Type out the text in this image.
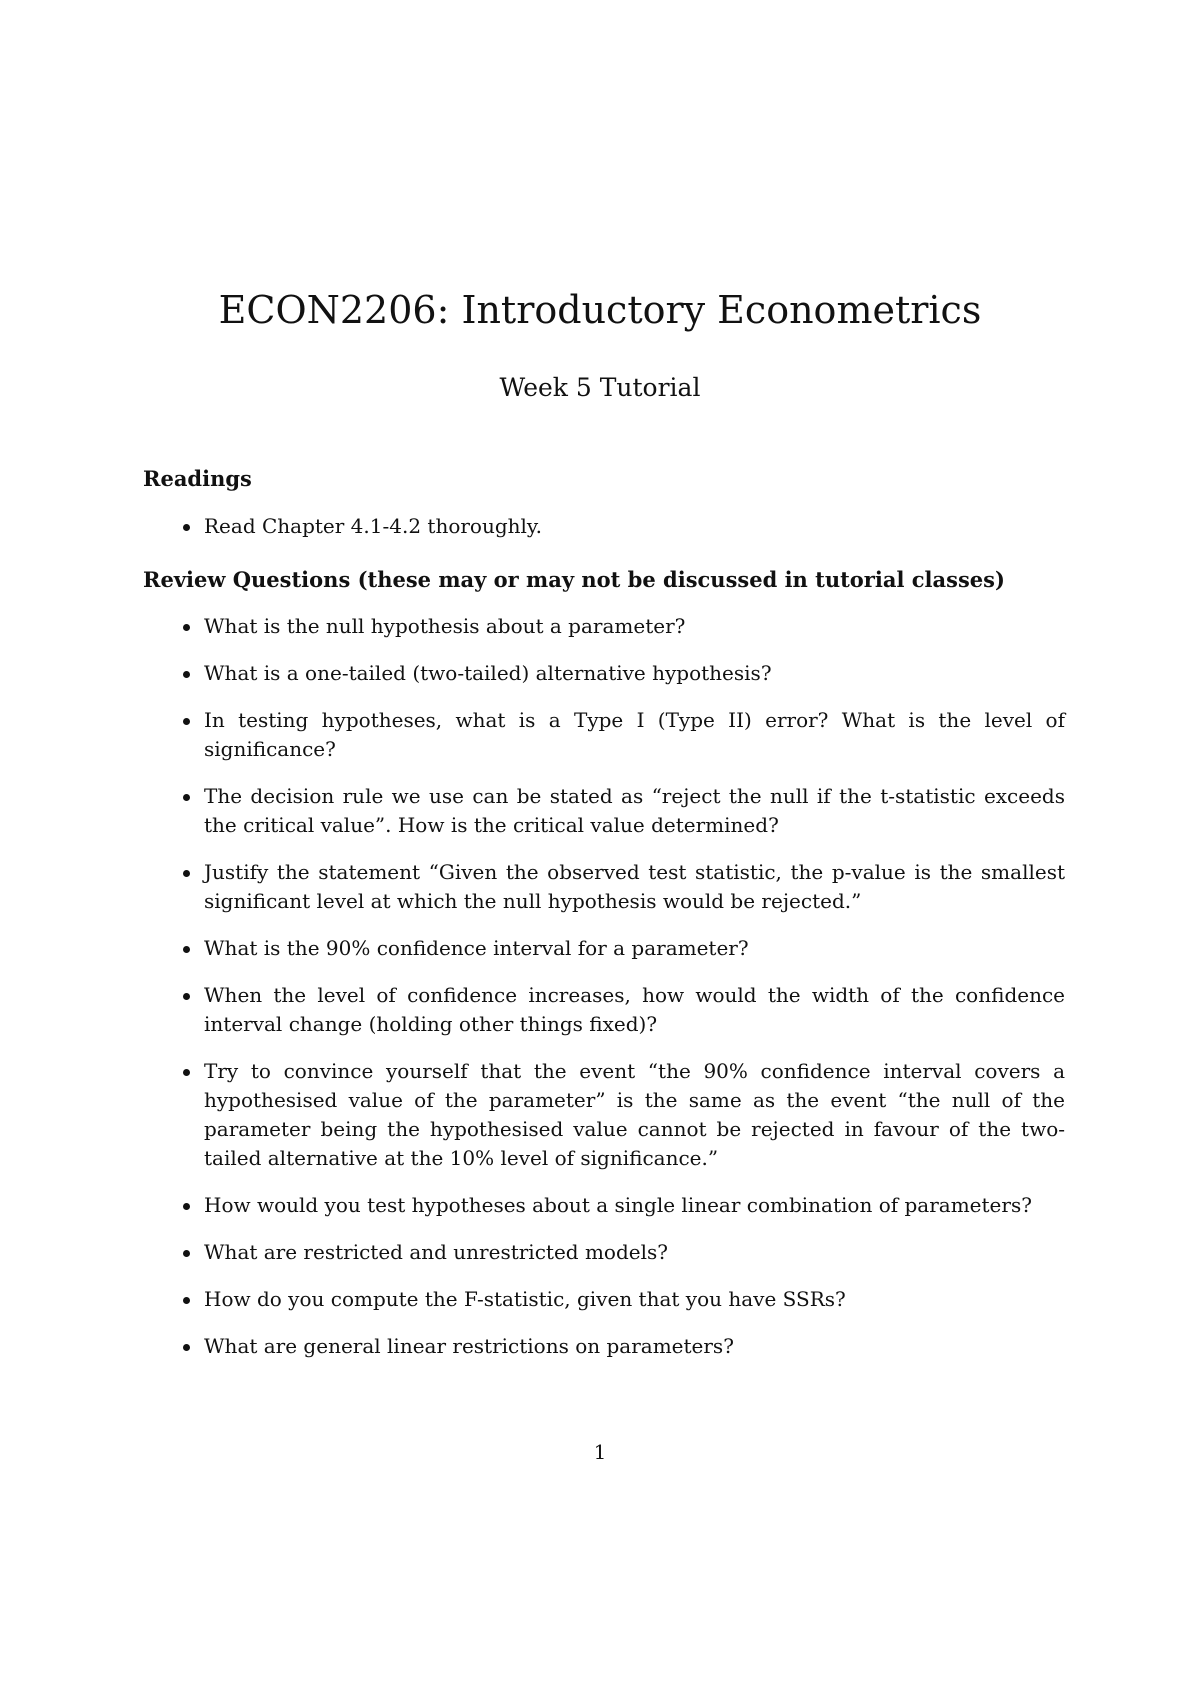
ECON2206: Introductory Econometrics
Week 5 Tutorial
Readings
Read Chapter 4.1-4.2 thoroughly.
Review Questions (these may or may not be discussed in tutorial classes)
What is the null hypothesis about a parameter?
What is a one-tailed (two-tailed) alternative hypothesis?
In testing hypotheses, what is a Type I (Type II) error? What is the level of significance?
The decision rule we use can be stated as “reject the null if the t-statistic exceeds the critical value”. How is the critical value determined?
Justify the statement “Given the observed test statistic, the p-value is the smallest significant level at which the null hypothesis would be rejected.”
What is the 90% confidence interval for a parameter?
When the level of confidence increases, how would the width of the confidence interval change (holding other things fixed)?
Try to convince yourself that the event “the 90% confidence interval covers a hypothesised value of the parameter” is the same as the event “the null of the parameter being the hypothesised value cannot be rejected in favour of the two-tailed alternative at the 10% level of significance.”
How would you test hypotheses about a single linear combination of parameters?
What are restricted and unrestricted models?
How do you compute the F-statistic, given that you have SSRs?
What are general linear restrictions on parameters?
1
